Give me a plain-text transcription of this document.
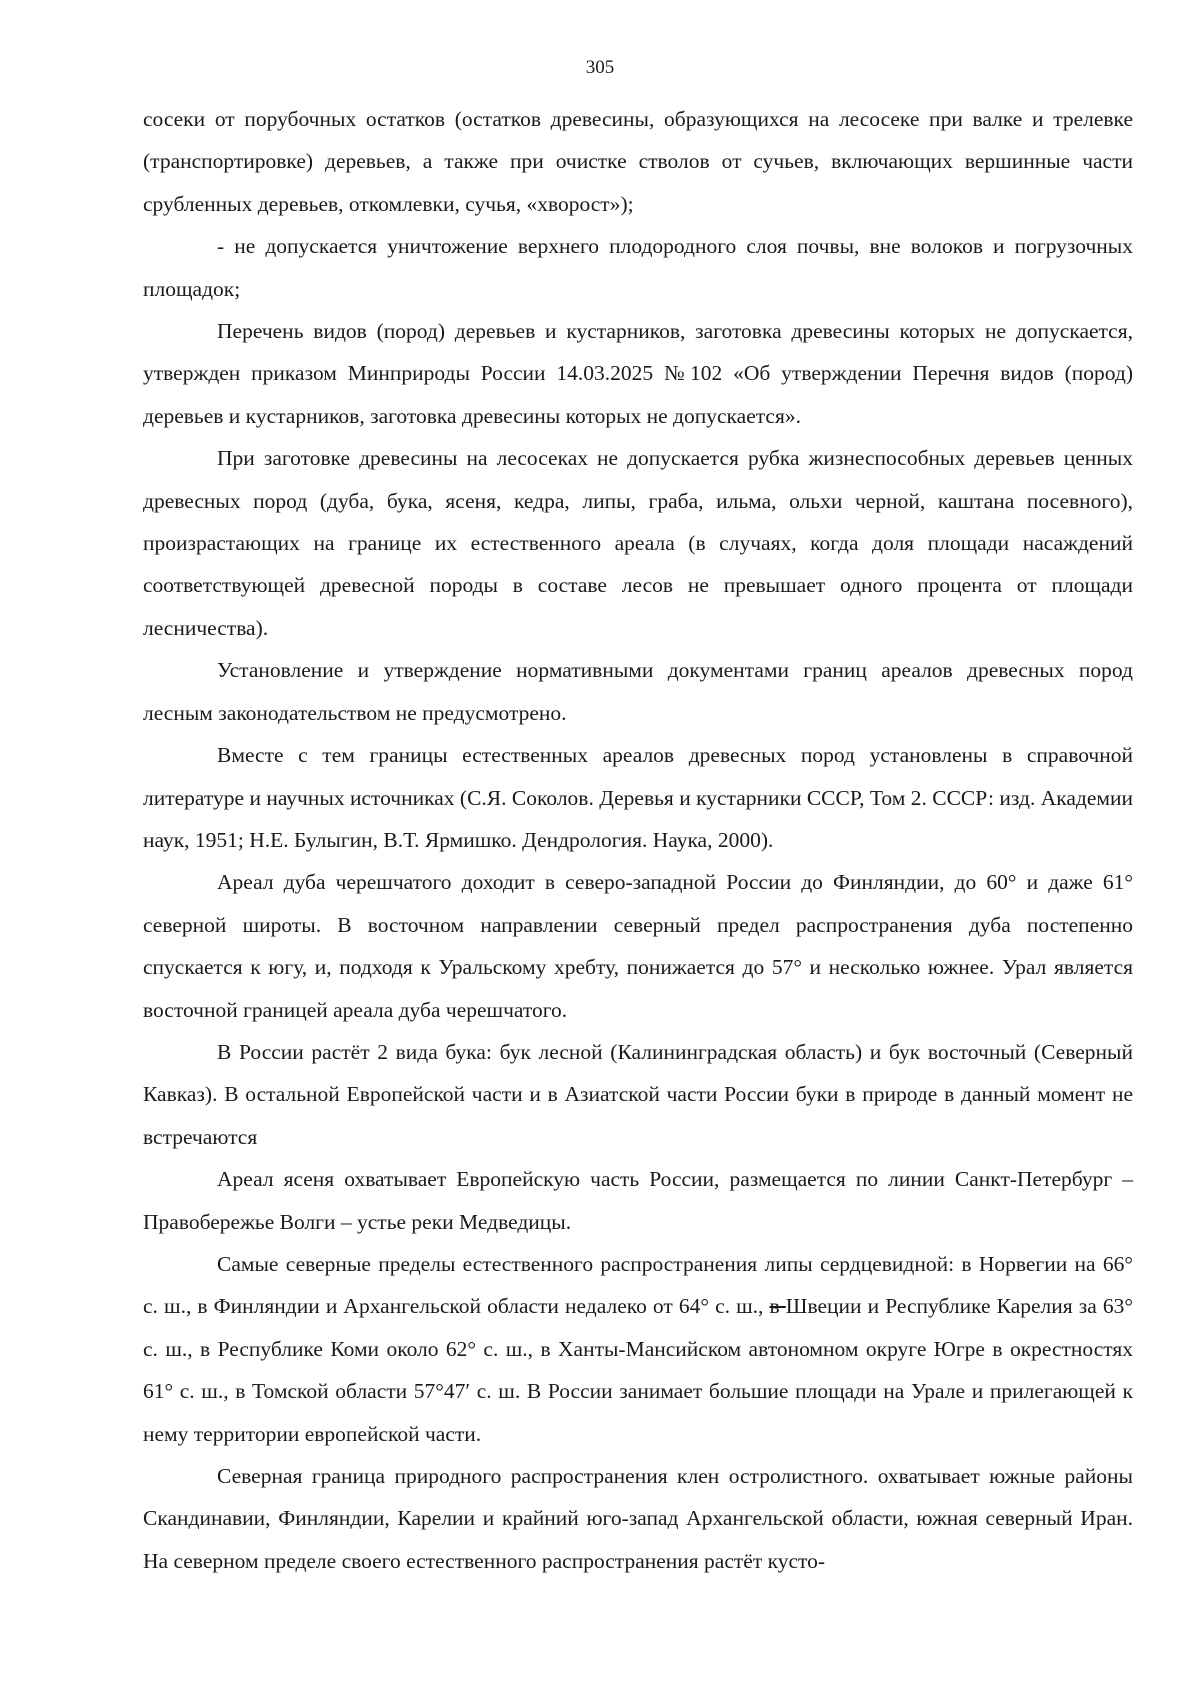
305

сосеки от порубочных остатков (остатков древесины, образующихся на лесосеке при валке и трелевке (транспортировке) деревьев, а также при очистке стволов от сучьев, включающих вершинные части срубленных деревьев, откомлевки, сучья, «хворост»);

- не допускается уничтожение верхнего плодородного слоя почвы, вне волоков и погрузочных площадок;

Перечень видов (пород) деревьев и кустарников, заготовка древесины которых не допускается, утвержден приказом Минприроды России 14.03.2025 №102 «Об утверждении Перечня видов (пород) деревьев и кустарников, заготовка древесины которых не допускается».

При заготовке древесины на лесосеках не допускается рубка жизнеспособных деревьев ценных древесных пород (дуба, бука, ясеня, кедра, липы, граба, ильма, ольхи черной, каштана посевного), произрастающих на границе их естественного ареала (в случаях, когда доля площади насаждений соответствующей древесной породы в составе лесов не превышает одного процента от площади лесничества).

Установление и утверждение нормативными документами границ ареалов древесных пород лесным законодательством не предусмотрено.

Вместе с тем границы естественных ареалов древесных пород установлены в справочной литературе и научных источниках (С.Я. Соколов. Деревья и кустарники СССР, Том 2. СССР: изд. Академии наук, 1951; Н.Е. Булыгин, В.Т. Ярмишко. Дендрология. Наука, 2000).

Ареал дуба черешчатого доходит в северо-западной России до Финляндии, до 60° и даже 61° северной широты. В восточном направлении северный предел распространения дуба постепенно спускается к югу, и, подходя к Уральскому хребту, понижается до 57° и несколько южнее. Урал является восточной границей ареала дуба черешчатого.

В России растёт 2 вида бука: бук лесной (Калининградская область) и бук восточный (Северный Кавказ). В остальной Европейской части и в Азиатской части России буки в природе в данный момент не встречаются

Ареал ясеня охватывает Европейскую часть России, размещается по линии Санкт-Петербург – Правобережье Волги – устье реки Медведицы.

Самые северные пределы естественного распространения липы сердцевидной: в Норвегии на 66° с. ш., в Финляндии и Архангельской области недалеко от 64° с. ш., в Швеции и Республике Карелия за 63° с. ш., в Республике Коми около 62° с. ш., в Ханты-Мансийском автономном округе Югре в окрестностях 61° с. ш., в Томской области 57°47′ с. ш. В России занимает большие площади на Урале и прилегающей к нему территории европейской части.

Северная граница природного распространения клен остролистного. охватывает южные районы Скандинавии, Финляндии, Карелии и крайний юго-запад Архангельской области, южная северный Иран. На северном пределе своего естественного распространения растёт кусто-
